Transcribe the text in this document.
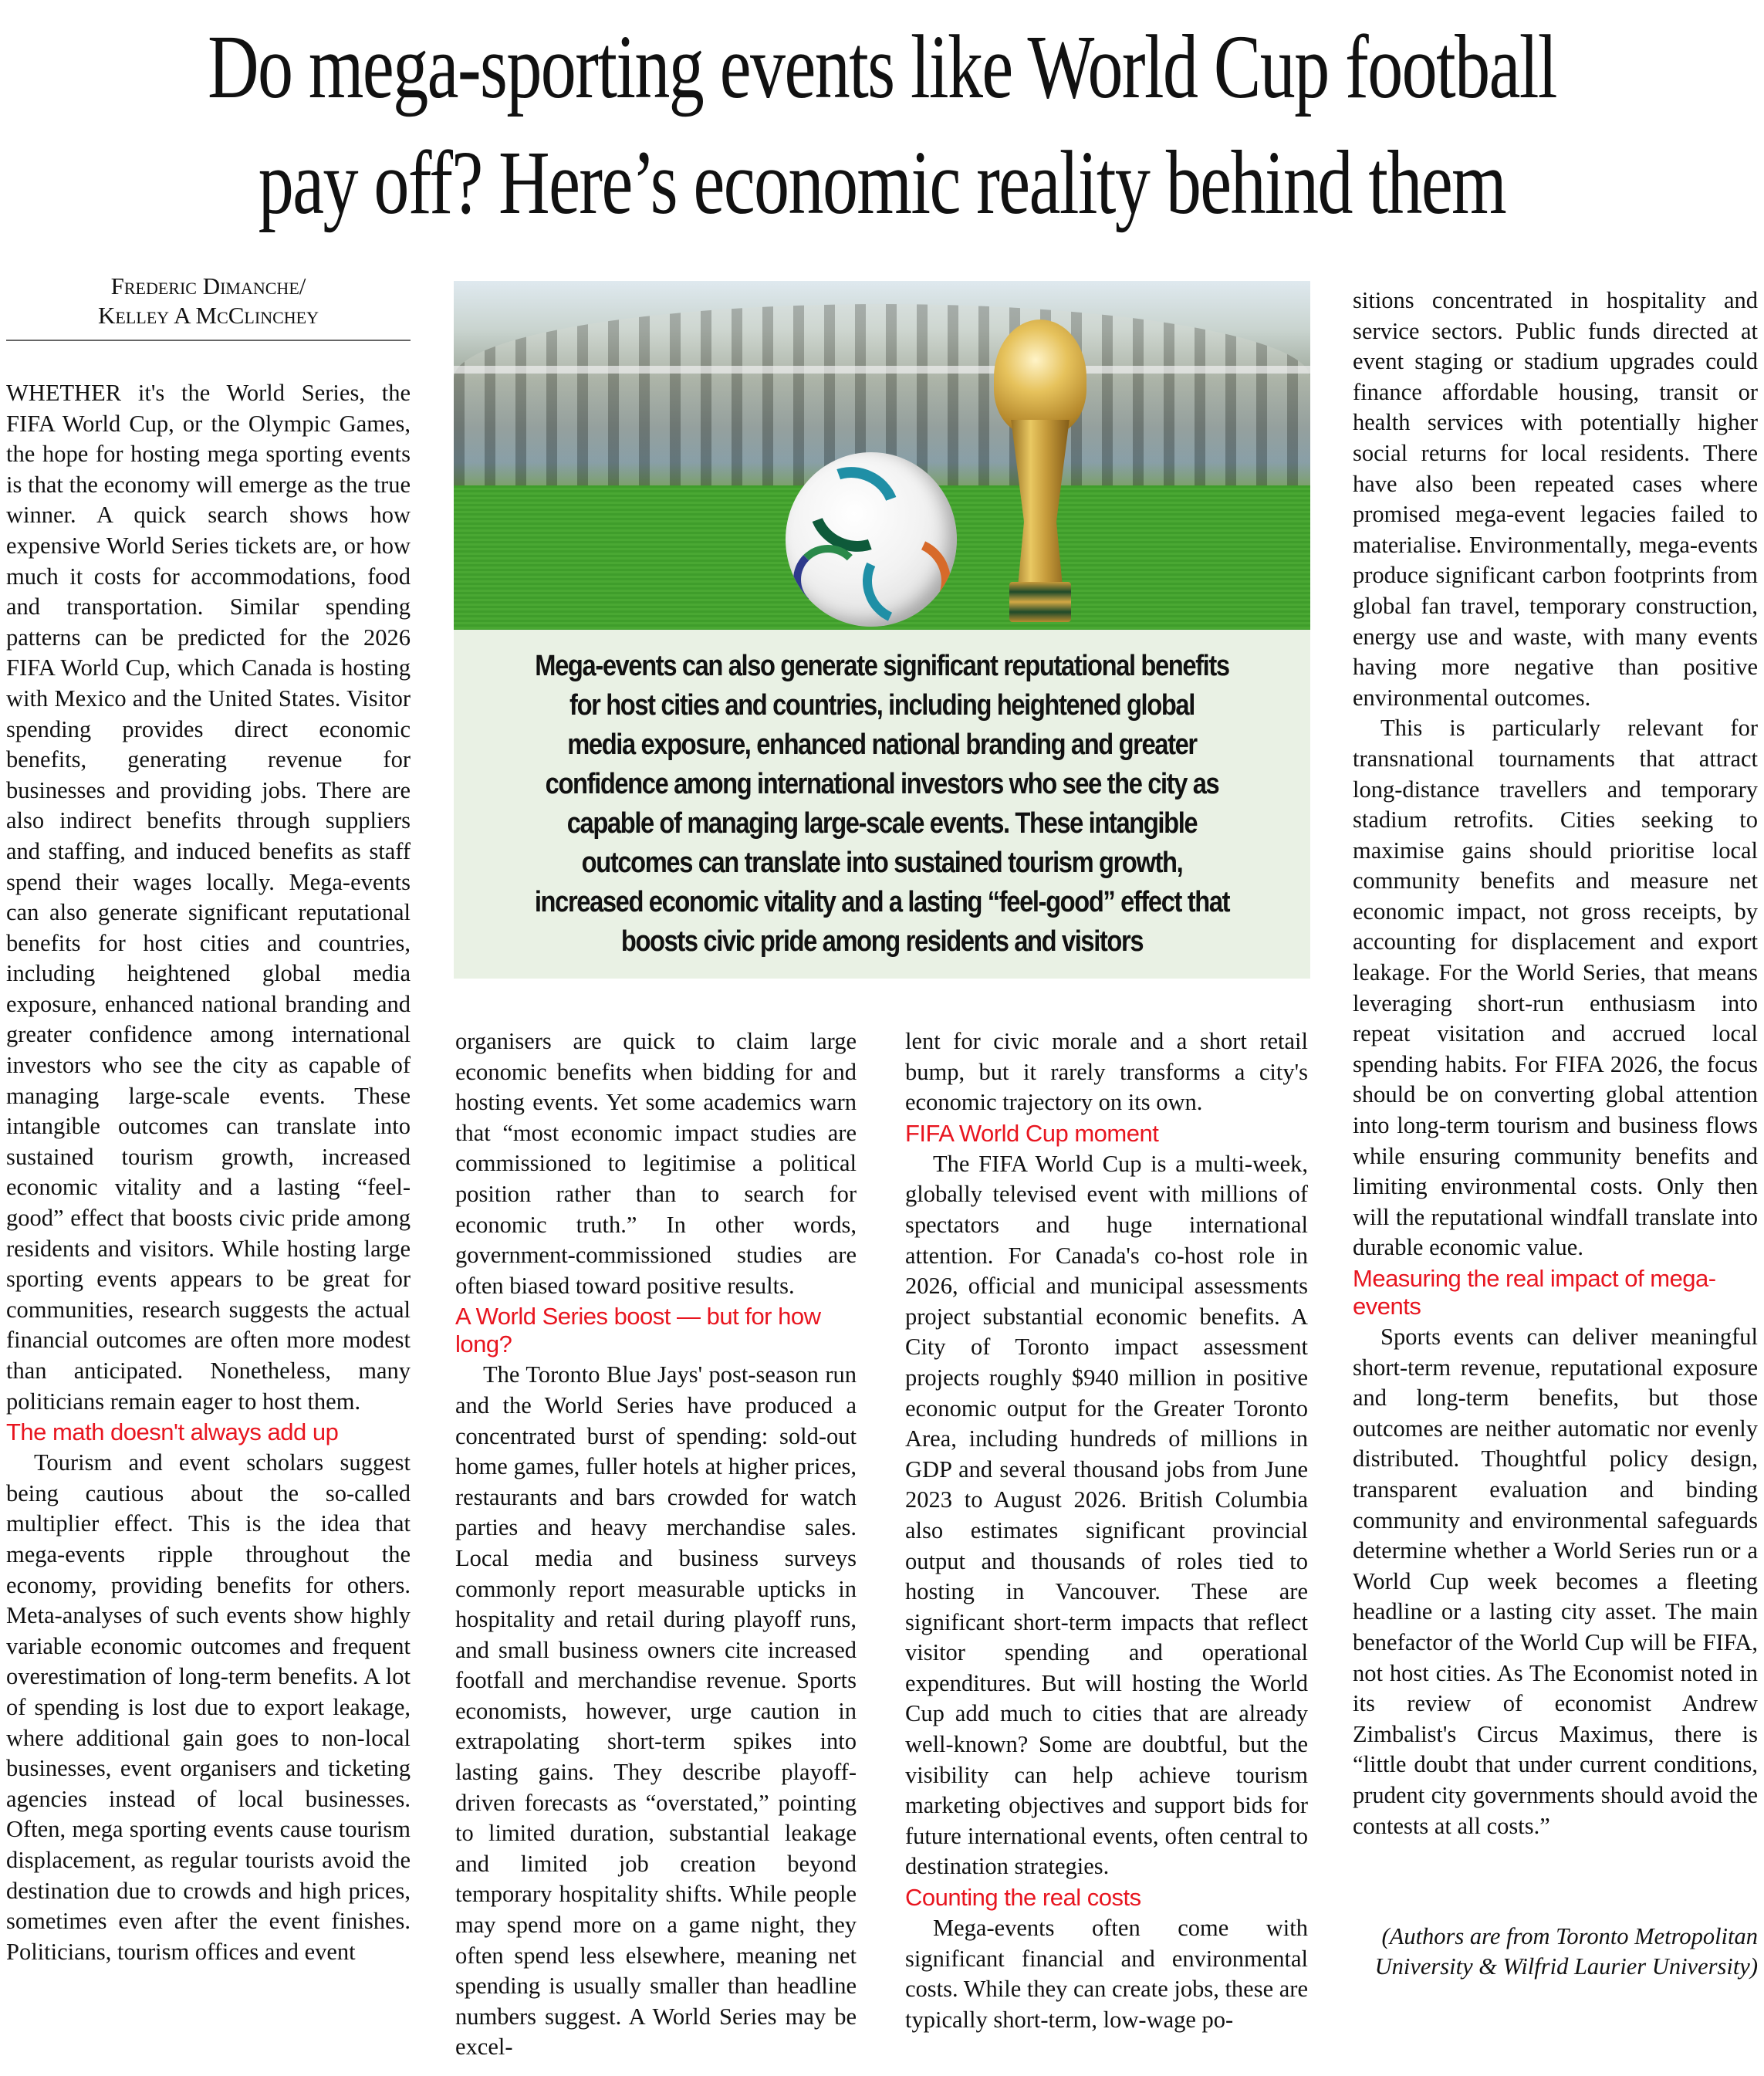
Do mega-sporting events like World Cup football
pay off? Here’s economic reality behind them
Frederic Dimanche/
Kelley A McClinchey

Mega-events can also generate significant reputational benefits for host cities and countries, including heightened global media exposure, enhanced national branding and greater confidence among international investors who see the city as capable of managing large-scale events. These intangible outcomes can translate into sustained tourism growth, increased economic vitality and a lasting “feel-good” effect that boosts civic pride among residents and visitors

WHETHER it's the World Series, the FIFA World Cup, or the Olympic Games, the hope for hosting mega sporting events is that the economy will emerge as the true winner. A quick search shows how expensive World Series tickets are, or how much it costs for accommodations, food and transportation. Similar spending patterns can be predicted for the 2026 FIFA World Cup, which Canada is hosting with Mexico and the United States. Visitor spending provides direct economic benefits, generating revenue for businesses and providing jobs. There are also indirect benefits through suppliers and staffing, and induced benefits as staff spend their wages locally. Mega-events can also generate significant reputational benefits for host cities and countries, including heightened global media exposure, enhanced national branding and greater confidence among international investors who see the city as capable of managing large-scale events. These intangible outcomes can translate into sustained tourism growth, increased economic vitality and a lasting “feel-good” effect that boosts civic pride among residents and visitors. While hosting large sporting events appears to be great for communities, research suggests the actual financial outcomes are often more modest than anticipated. Nonetheless, many politicians remain eager to host them.

The math doesn't always add up

Tourism and event scholars suggest being cautious about the so-called multiplier effect. This is the idea that mega-events ripple throughout the economy, providing benefits for others. Meta-analyses of such events show highly variable economic outcomes and frequent overestimation of long-term benefits. A lot of spending is lost due to export leakage, where additional gain goes to non-local businesses, event organisers and ticketing agencies instead of local businesses. Often, mega sporting events cause tourism displacement, as regular tourists avoid the destination due to crowds and high prices, sometimes even after the event finishes. Politicians, tourism offices and event

organisers are quick to claim large economic benefits when bidding for and hosting events. Yet some academics warn that “most economic impact studies are commissioned to legitimise a political position rather than to search for economic truth.” In other words, government-commissioned studies are often biased toward positive results.

A World Series boost — but for how long?

The Toronto Blue Jays' post-season run and the World Series have produced a concentrated burst of spending: sold-out home games, fuller hotels at higher prices, restaurants and bars crowded for watch parties and heavy merchandise sales. Local media and business surveys commonly report measurable upticks in hospitality and retail during playoff runs, and small business owners cite increased footfall and merchandise revenue. Sports economists, however, urge caution in extrapolating short-term spikes into lasting gains. They describe playoff-driven forecasts as “overstated,” pointing to limited duration, substantial leakage and limited job creation beyond temporary hospitality shifts. While people may spend more on a game night, they often spend less elsewhere, meaning net spending is usually smaller than headline numbers suggest. A World Series may be excel-

lent for civic morale and a short retail bump, but it rarely transforms a city's economic trajectory on its own.

FIFA World Cup moment

The FIFA World Cup is a multi-week, globally televised event with millions of spectators and huge international attention. For Canada's co-host role in 2026, official and municipal assessments project substantial economic benefits. A City of Toronto impact assessment projects roughly $940 million in positive economic output for the Greater Toronto Area, including hundreds of millions in GDP and several thousand jobs from June 2023 to August 2026. British Columbia also estimates significant provincial output and thousands of roles tied to hosting in Vancouver. These are significant short-term impacts that reflect visitor spending and operational expenditures. But will hosting the World Cup add much to cities that are already well-known? Some are doubtful, but the visibility can help achieve tourism marketing objectives and support bids for future international events, often central to destination strategies.

Counting the real costs

Mega-events often come with significant financial and environmental costs. While they can create jobs, these are typically short-term, low-wage po-

sitions concentrated in hospitality and service sectors. Public funds directed at event staging or stadium upgrades could finance affordable housing, transit or health services with potentially higher social returns for local residents. There have also been repeated cases where promised mega-event legacies failed to materialise. Environmentally, mega-events produce significant carbon footprints from global fan travel, temporary construction, energy use and waste, with many events having more negative than positive environmental outcomes.

This is particularly relevant for transnational tournaments that attract long-distance travellers and temporary stadium retrofits. Cities seeking to maximise gains should prioritise local community benefits and measure net economic impact, not gross receipts, by accounting for displacement and export leakage. For the World Series, that means leveraging short-run enthusiasm into repeat visitation and accrued local spending habits. For FIFA 2026, the focus should be on converting global attention into long-term tourism and business flows while ensuring community benefits and limiting environmental costs. Only then will the reputational windfall translate into durable economic value.

Measuring the real impact of mega-events

Sports events can deliver meaningful short-term revenue, reputational exposure and long-term benefits, but those outcomes are neither automatic nor evenly distributed. Thoughtful policy design, transparent evaluation and binding community and environmental safeguards determine whether a World Series run or a World Cup week becomes a fleeting headline or a lasting city asset. The main benefactor of the World Cup will be FIFA, not host cities. As The Economist noted in its review of economist Andrew Zimbalist's Circus Maximus, there is “little doubt that under current conditions, prudent city governments should avoid the contests at all costs.”

(Authors are from Toronto Metropolitan University & Wilfrid Laurier University)
